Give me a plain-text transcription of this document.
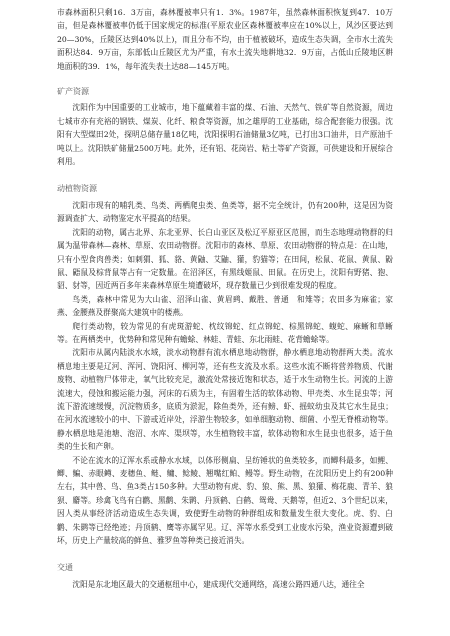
市森林面积只剩16．3万亩，森林覆被率只有1．3%。1987年，虽然森林面积恢复到47．10万亩，但是森林覆被率仍低于国家规定的标准(平原农业区森林覆被率应在10%以上，风沙区要达到20—30%，丘陵区达到40%以上)，而且分布不均，由于植被破坏，造成生态失调，全市水土流失面积达84．9万亩，东部低山丘陵区尤为严重，有水土流失地耕地32．9万亩，占低山丘陵地区耕地面积的39．1%，每年流失表土达88—145万吨。

矿产资源

沈阳作为中国重要的工业城市，地下蕴藏着丰富的煤、石油、天然气、铁矿等自然资源，周边七城市亦有充裕的钢铁、煤炭、化纤、粮食等资源，加之雄厚的工业基础，综合配套能力很强。沈阳有大型煤田2处，探明总储存量18亿吨，沈阳探明石油储量3亿吨，已打出3口油井，日产原油千吨以上。沈阳铁矿储量2500万吨。此外，还有铝、花岗岩、粘土等矿产资源，可供建设和开展综合利用。

动植物资源

沈阳市现有的哺乳类、鸟类、两栖爬虫类、鱼类等，据不完全统计，仍有200种，这是因为资源调查扩大、动物鉴定水平提高的结果。

沈阳的动物，属古北界、东北亚界、长白山亚区及松辽平原亚区范围，而生态地理动物群的归属为温带森林—森林、草原、农田动物群。沈阳市的森林、草原、农田动物群的特点是：在山地，只有小型食肉兽类；如刺猬、狐、貉、黄鼬、艾鼬、獾，豹猫等；在田间，松鼠、花鼠、黄鼠、鼢鼠、鼯鼠及棕背鼠等占有一定数量。在沼泽区，有黑线姬鼠、田鼠。在历史上，沈阳有野猪、狍、貂、豺等，因近两百多年来森林草原生境遭破坏，现存数量已少到很难发现的程度。

鸟类，森林中常见为大山雀、沼泽山雀、黄眉鹀、戴胜、普通　和雉等；农田多为麻雀；家燕、金腰燕及群聚高大建筑中的楼燕。

爬行类动物，较为常见的有虎斑游蛇、枕纹锦蛇、红点锦蛇、棕黑锦蛇、蝮蛇、麻蜥和草蜥等。在两栖类中，优势种和常见种有蟾蜍、林蛙、青蛙、东北雨蛙、花背蟾蜍等。

沈阳市从属内陆淡水水域，淡水动物群有流水栖息地动物群，静水栖息地动物群两大类。流水栖息地主要是辽河、浑河、饶阳河、柳河等，还有些支流及水系。这些水流不断将营养物质、代谢废物、动植物尸体带走，氧气比较充足，激流处常接近饱和状态，适于水生动物生长。河流的上游流速大，侵蚀和搬运能力强，河床的石质为主，有固着生活的软体动物、甲壳类、水生昆虫等；河流下游流速缓慢，沉淀物质多，底质为淤泥，除鱼类外，还有鳑、虾、摇蚊幼虫及其它水生昆虫；在河水流速较小的中、下游或近岸处，浮游生物较多，如单细胞动物、细菌、小型无脊椎动物等。静水栖息地是池塘、泡沼、水库、渠坝等，水生植物较丰富，软体动物和水生昆虫也很多，适于鱼类的生长和产卵。

不论在流水的辽浑水系或静水水域，以体形侧扁、呈纺锤状的鱼类较多，而鲫科最多，如鲤、鲫、鳊、赤眼鳟、麦穗鱼、鲢、鳙、鲶鲮、翘嘴红鲌、鳗等。野生动物，在沈阳历史上约有200种左右，其中兽、鸟、鱼3类占150多种。大型动物有虎、豹、狼、熊、黑、狼獾、梅花鹿、青羊、狼狈、麝等。珍禽飞鸟有白鹳、黑鹳、朱鹮、丹顶鹤、白鹤、鸳鸯、天鹅等，但近2、3个世纪以来，因人类从事经济活动造成生态失调，致使野生动物的种群组成和数量发生很大变化。虎、豹、白鹳、朱鹮等已经绝迹；丹顶鹤、鹰等亦属罕见。辽、浑等水系受到工业废水污染，渔业资源遭到破坏，历史上产量较高的鲜鱼、雅罗鱼等种类已接近消失。

交通

沈阳是东北地区最大的交通枢纽中心，建成现代交通网络，高速公路四通八达，通往全
